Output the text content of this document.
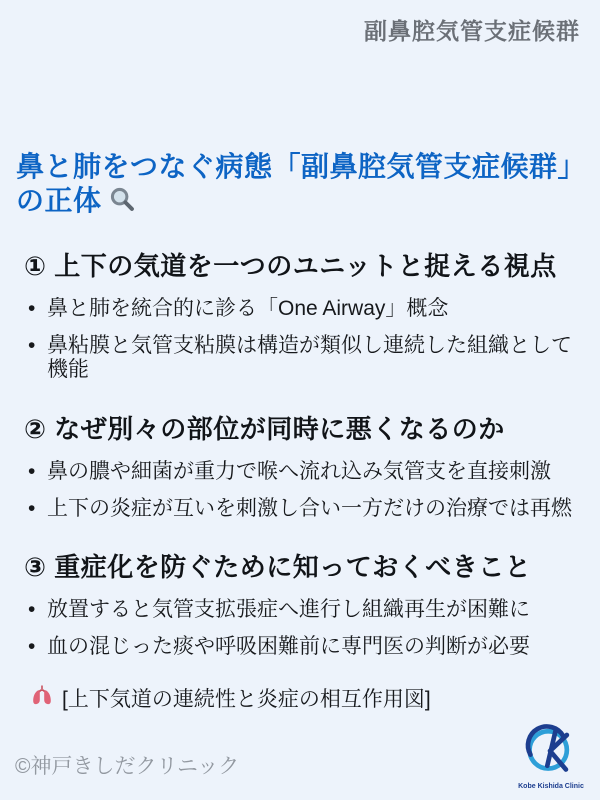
副鼻腔気管支症候群
鼻と肺をつなぐ病態「副鼻腔気管支症候群」の正体
① 上下の気道を一つのユニットと捉える視点
• 鼻と肺を統合的に診る「One Airway」概念
• 鼻粘膜と気管支粘膜は構造が類似し連続した組織として機能
② なぜ別々の部位が同時に悪くなるのか
• 鼻の膿や細菌が重力で喉へ流れ込み気管支を直接刺激
• 上下の炎症が互いを刺激し合い一方だけの治療では再燃
③ 重症化を防ぐために知っておくべきこと
• 放置すると気管支拡張症へ進行し組織再生が困難に
• 血の混じった痰や呼吸困難前に専門医の判断が必要
[上下気道の連続性と炎症の相互作用図]
©神戸きしだクリニック
Kobe Kishida Clinic
